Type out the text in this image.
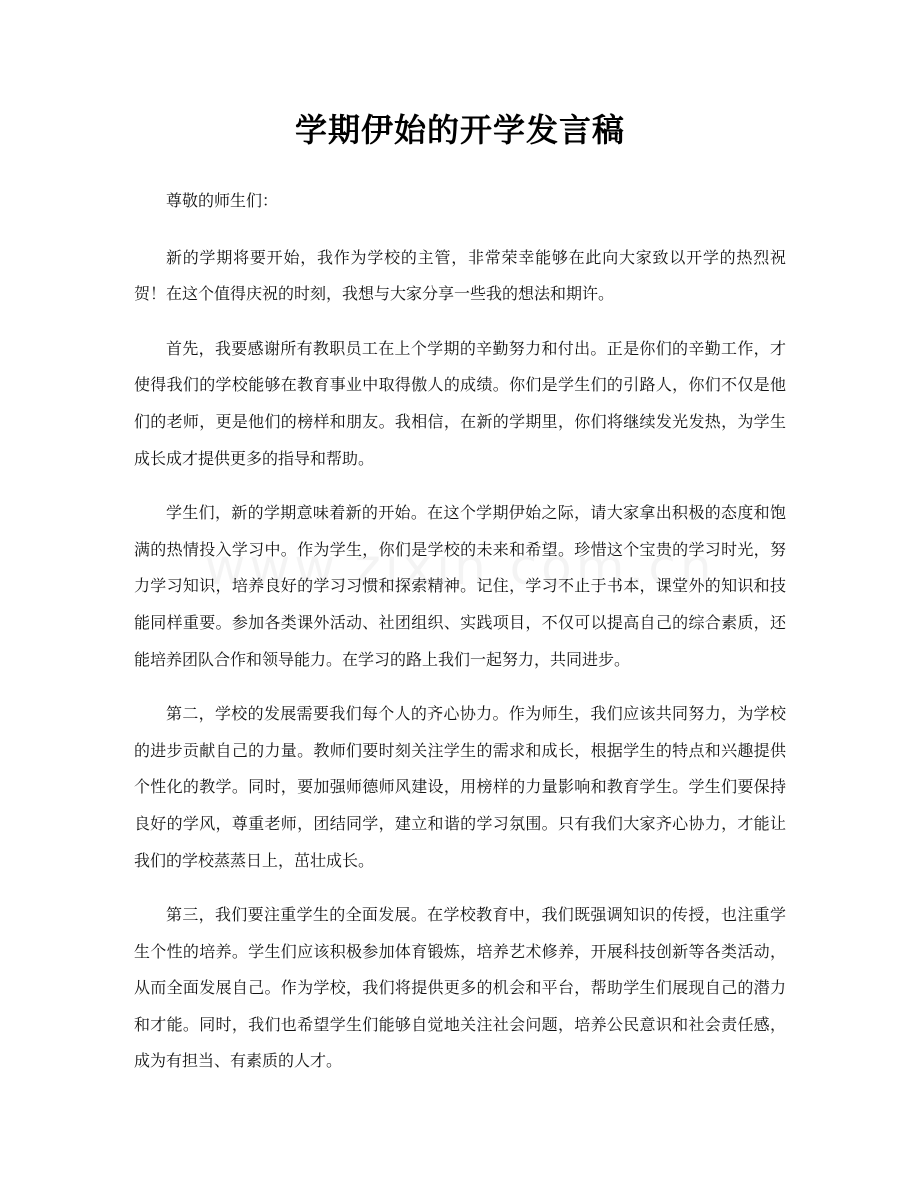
学期伊始的开学发言稿

尊敬的师生们：

新的学期将要开始，我作为学校的主管，非常荣幸能够在此向大家致以开学的热烈祝贺！在这个值得庆祝的时刻，我想与大家分享一些我的想法和期许。

首先，我要感谢所有教职员工在上个学期的辛勤努力和付出。正是你们的辛勤工作，才使得我们的学校能够在教育事业中取得傲人的成绩。你们是学生们的引路人，你们不仅是他们的老师，更是他们的榜样和朋友。我相信，在新的学期里，你们将继续发光发热，为学生成长成才提供更多的指导和帮助。

学生们，新的学期意味着新的开始。在这个学期伊始之际，请大家拿出积极的态度和饱满的热情投入学习中。作为学生，你们是学校的未来和希望。珍惜这个宝贵的学习时光，努力学习知识，培养良好的学习习惯和探索精神。记住，学习不止于书本，课堂外的知识和技能同样重要。参加各类课外活动、社团组织、实践项目，不仅可以提高自己的综合素质，还能培养团队合作和领导能力。在学习的路上我们一起努力，共同进步。

第二，学校的发展需要我们每个人的齐心协力。作为师生，我们应该共同努力，为学校的进步贡献自己的力量。教师们要时刻关注学生的需求和成长，根据学生的特点和兴趣提供个性化的教学。同时，要加强师德师风建设，用榜样的力量影响和教育学生。学生们要保持良好的学风，尊重老师，团结同学，建立和谐的学习氛围。只有我们大家齐心协力，才能让我们的学校蒸蒸日上，茁壮成长。

第三，我们要注重学生的全面发展。在学校教育中，我们既强调知识的传授，也注重学生个性的培养。学生们应该积极参加体育锻炼，培养艺术修养，开展科技创新等各类活动，从而全面发展自己。作为学校，我们将提供更多的机会和平台，帮助学生们展现自己的潜力和才能。同时，我们也希望学生们能够自觉地关注社会问题，培养公民意识和社会责任感，成为有担当、有素质的人才。
